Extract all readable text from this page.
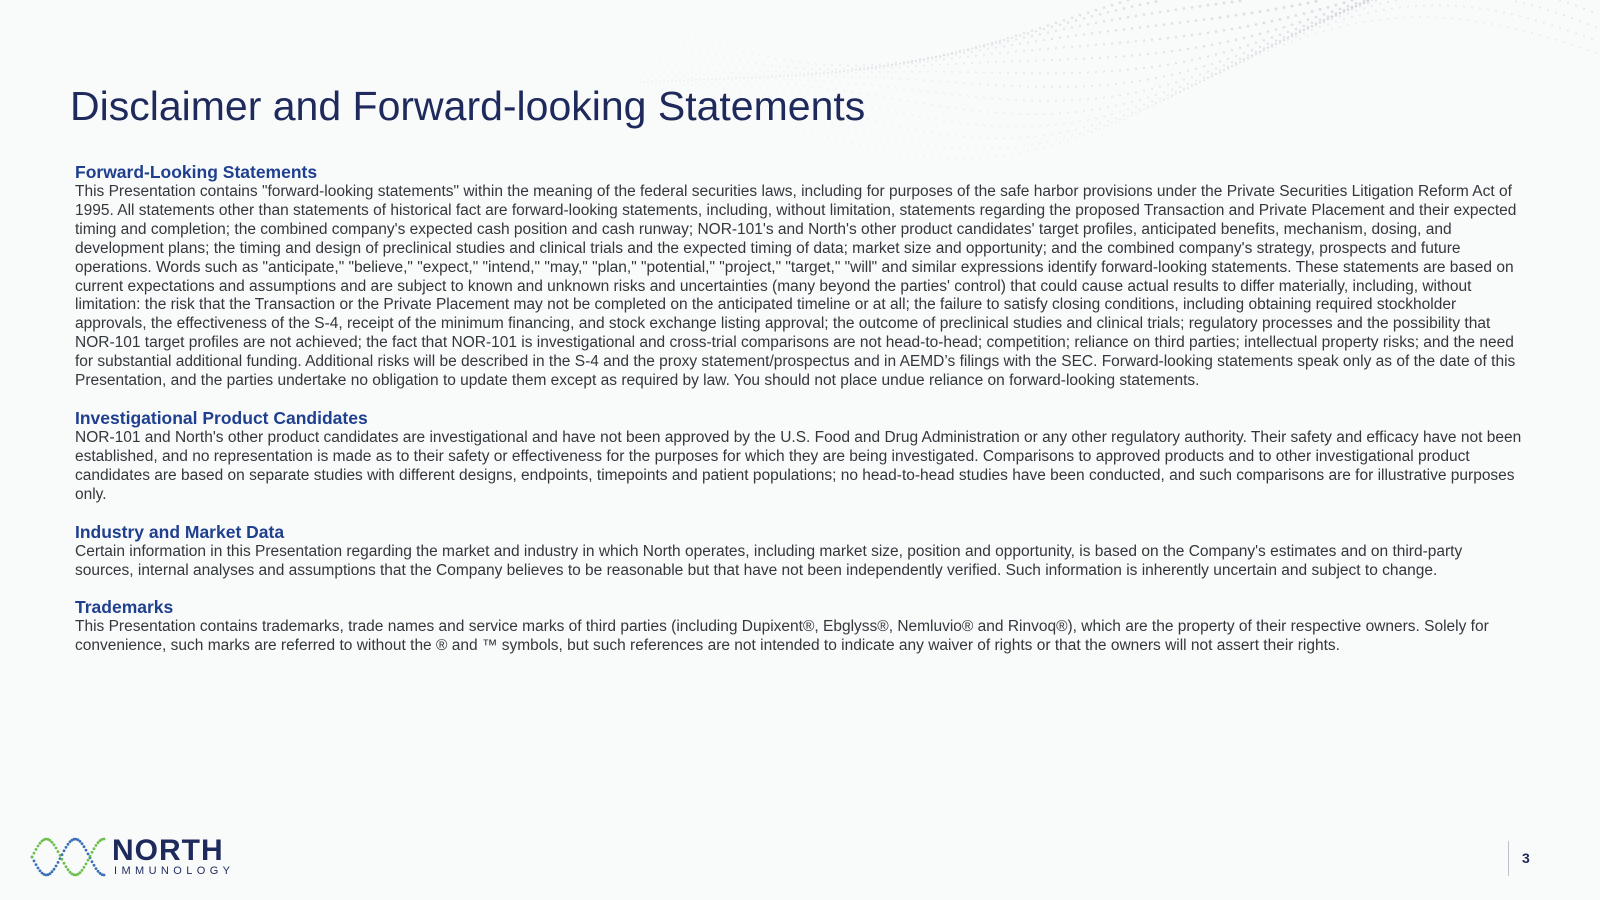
Disclaimer and Forward-looking Statements

Forward-Looking Statements

This Presentation contains "forward-looking statements" within the meaning of the federal securities laws, including for purposes of the safe harbor provisions under the Private Securities Litigation Reform Act of 1995. All statements other than statements of historical fact are forward-looking statements, including, without limitation, statements regarding the proposed Transaction and Private Placement and their expected timing and completion; the combined company's expected cash position and cash runway; NOR-101's and North's other product candidates' target profiles, anticipated benefits, mechanism, dosing, and development plans; the timing and design of preclinical studies and clinical trials and the expected timing of data; market size and opportunity; and the combined company's strategy, prospects and future operations. Words such as "anticipate," "believe," "expect," "intend," "may," "plan," "potential," "project," "target," "will" and similar expressions identify forward-looking statements. These statements are based on current expectations and assumptions and are subject to known and unknown risks and uncertainties (many beyond the parties' control) that could cause actual results to differ materially, including, without limitation: the risk that the Transaction or the Private Placement may not be completed on the anticipated timeline or at all; the failure to satisfy closing conditions, including obtaining required stockholder approvals, the effectiveness of the S-4, receipt of the minimum financing, and stock exchange listing approval; the outcome of preclinical studies and clinical trials; regulatory processes and the possibility that NOR-101 target profiles are not achieved; the fact that NOR-101 is investigational and cross-trial comparisons are not head-to-head; competition; reliance on third parties; intellectual property risks; and the need for substantial additional funding. Additional risks will be described in the S-4 and the proxy statement/prospectus and in AEMD’s filings with the SEC. Forward-looking statements speak only as of the date of this Presentation, and the parties undertake no obligation to update them except as required by law. You should not place undue reliance on forward-looking statements.

Investigational Product Candidates

NOR-101 and North's other product candidates are investigational and have not been approved by the U.S. Food and Drug Administration or any other regulatory authority. Their safety and efficacy have not been established, and no representation is made as to their safety or effectiveness for the purposes for which they are being investigated. Comparisons to approved products and to other investigational product candidates are based on separate studies with different designs, endpoints, timepoints and patient populations; no head-to-head studies have been conducted, and such comparisons are for illustrative purposes only.

Industry and Market Data

Certain information in this Presentation regarding the market and industry in which North operates, including market size, position and opportunity, is based on the Company's estimates and on third-party sources, internal analyses and assumptions that the Company believes to be reasonable but that have not been independently verified. Such information is inherently uncertain and subject to change.

Trademarks

This Presentation contains trademarks, trade names and service marks of third parties (including Dupixent®, Ebglyss®, Nemluvio® and Rinvoq®), which are the property of their respective owners. Solely for convenience, such marks are referred to without the ® and ™ symbols, but such references are not intended to indicate any waiver of rights or that the owners will not assert their rights.

NORTH
IMMUNOLOGY
3
